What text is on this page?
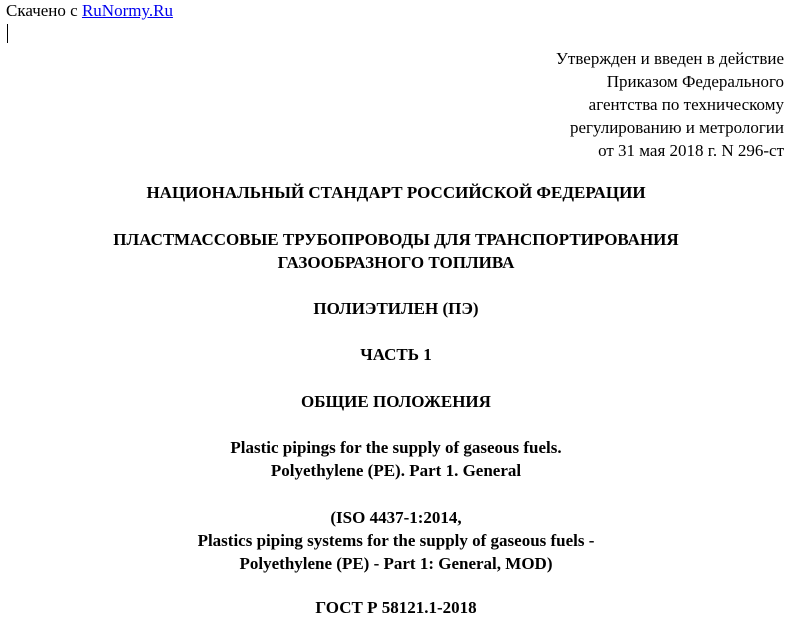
Скачено с RuNormy.Ru
Утвержден и введен в действие
Приказом Федерального
агентства по техническому
регулированию и метрологии
от 31 мая 2018 г. N 296-ст
НАЦИОНАЛЬНЫЙ СТАНДАРТ РОССИЙСКОЙ ФЕДЕРАЦИИ
ПЛАСТМАССОВЫЕ ТРУБОПРОВОДЫ ДЛЯ ТРАНСПОРТИРОВАНИЯ
ГАЗООБРАЗНОГО ТОПЛИВА
ПОЛИЭТИЛЕН (ПЭ)
ЧАСТЬ 1
ОБЩИЕ ПОЛОЖЕНИЯ
Plastic pipings for the supply of gaseous fuels.
Polyethylene (PE). Part 1. General
(ISO 4437-1:2014,
Plastics piping systems for the supply of gaseous fuels -
Polyethylene (PE) - Part 1: General, MOD)
ГОСТ Р 58121.1-2018
